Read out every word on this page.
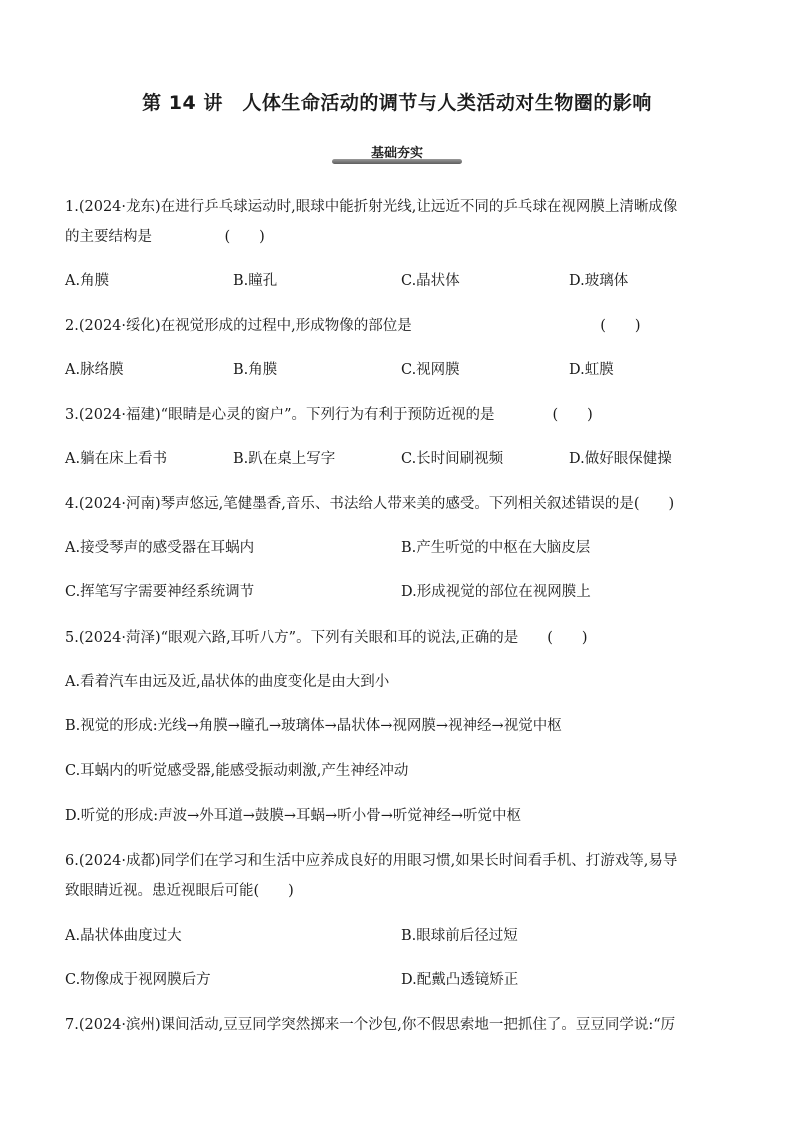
第 14 讲　人体生命活动的调节与人类活动对生物圈的影响
基础夯实
1.(2024·龙东)在进行乒乓球运动时,眼球中能折射光线,让远近不同的乒乓球在视网膜上清晰成像
的主要结构是　　　　　(　　)
A.角膜	B.瞳孔	C.晶状体	D.玻璃体
2.(2024·绥化)在视觉形成的过程中,形成物像的部位是　　　　　　　　　　　　　(　　)
A.脉络膜	B.角膜	C.视网膜	D.虹膜
3.(2024·福建)“眼睛是心灵的窗户”。下列行为有利于预防近视的是　　　　(　　)
A.躺在床上看书	B.趴在桌上写字	C.长时间刷视频	D.做好眼保健操
4.(2024·河南)琴声悠远,笔健墨香,音乐、书法给人带来美的感受。下列相关叙述错误的是(　　)
A.接受琴声的感受器在耳蜗内	B.产生听觉的中枢在大脑皮层
C.挥笔写字需要神经系统调节	D.形成视觉的部位在视网膜上
5.(2024·菏泽)“眼观六路,耳听八方”。下列有关眼和耳的说法,正确的是　　(　　)
A.看着汽车由远及近,晶状体的曲度变化是由大到小
B.视觉的形成:光线→角膜→瞳孔→玻璃体→晶状体→视网膜→视神经→视觉中枢
C.耳蜗内的听觉感受器,能感受振动刺激,产生神经冲动
D.听觉的形成:声波→外耳道→鼓膜→耳蜗→听小骨→听觉神经→听觉中枢
6.(2024·成都)同学们在学习和生活中应养成良好的用眼习惯,如果长时间看手机、打游戏等,易导
致眼睛近视。患近视眼后可能(　　)
A.晶状体曲度过大	B.眼球前后径过短
C.物像成于视网膜后方	D.配戴凸透镜矫正
7.(2024·滨州)课间活动,豆豆同学突然掷来一个沙包,你不假思索地一把抓住了。豆豆同学说:“厉
